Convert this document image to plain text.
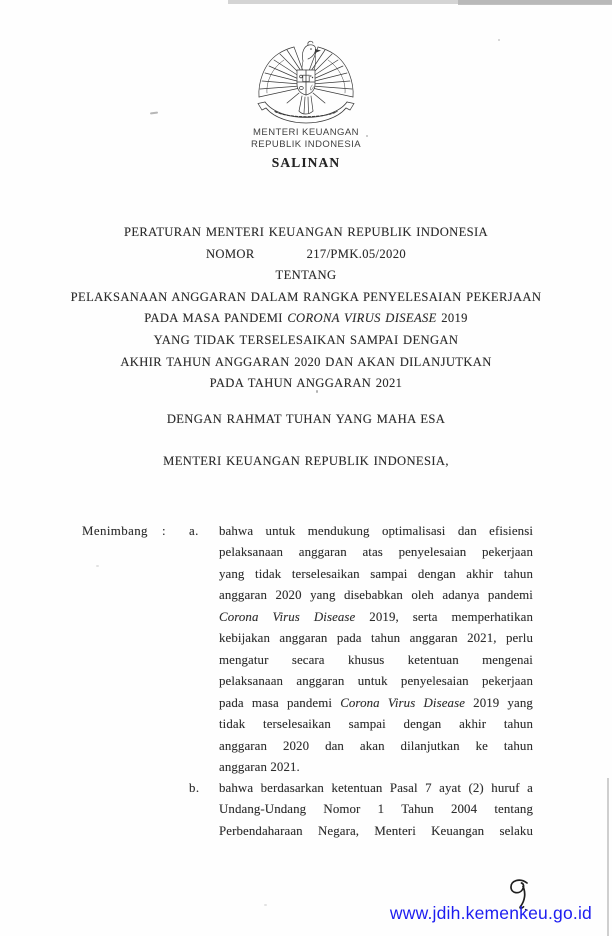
MENTERI KEUANGAN
REPUBLIK INDONESIA
SALINAN
PERATURAN MENTERI KEUANGAN REPUBLIK INDONESIA
NOMOR	217/PMK.05/2020
TENTANG
PELAKSANAAN ANGGARAN DALAM RANGKA PENYELESAIAN PEKERJAAN
PADA MASA PANDEMI CORONA VIRUS DISEASE 2019
YANG TIDAK TERSELESAIKAN SAMPAI DENGAN
AKHIR TAHUN ANGGARAN 2020 DAN AKAN DILANJUTKAN
PADA TAHUN ANGGARAN 2021
DENGAN RAHMAT TUHAN YANG MAHA ESA
MENTERI KEUANGAN REPUBLIK INDONESIA,
Menimbang : a. bahwa untuk mendukung optimalisasi dan efisiensi
pelaksanaan anggaran atas penyelesaian pekerjaan
yang tidak terselesaikan sampai dengan akhir tahun
anggaran 2020 yang disebabkan oleh adanya pandemi
Corona Virus Disease 2019, serta memperhatikan
kebijakan anggaran pada tahun anggaran 2021, perlu
mengatur secara khusus ketentuan mengenai
pelaksanaan anggaran untuk penyelesaian pekerjaan
pada masa pandemi Corona Virus Disease 2019 yang
tidak terselesaikan sampai dengan akhir tahun
anggaran 2020 dan akan dilanjutkan ke tahun
anggaran 2021.
b. bahwa berdasarkan ketentuan Pasal 7 ayat (2) huruf a
Undang-Undang Nomor 1 Tahun 2004 tentang
Perbendaharaan Negara, Menteri Keuangan selaku
www.jdih.kemenkeu.go.id
